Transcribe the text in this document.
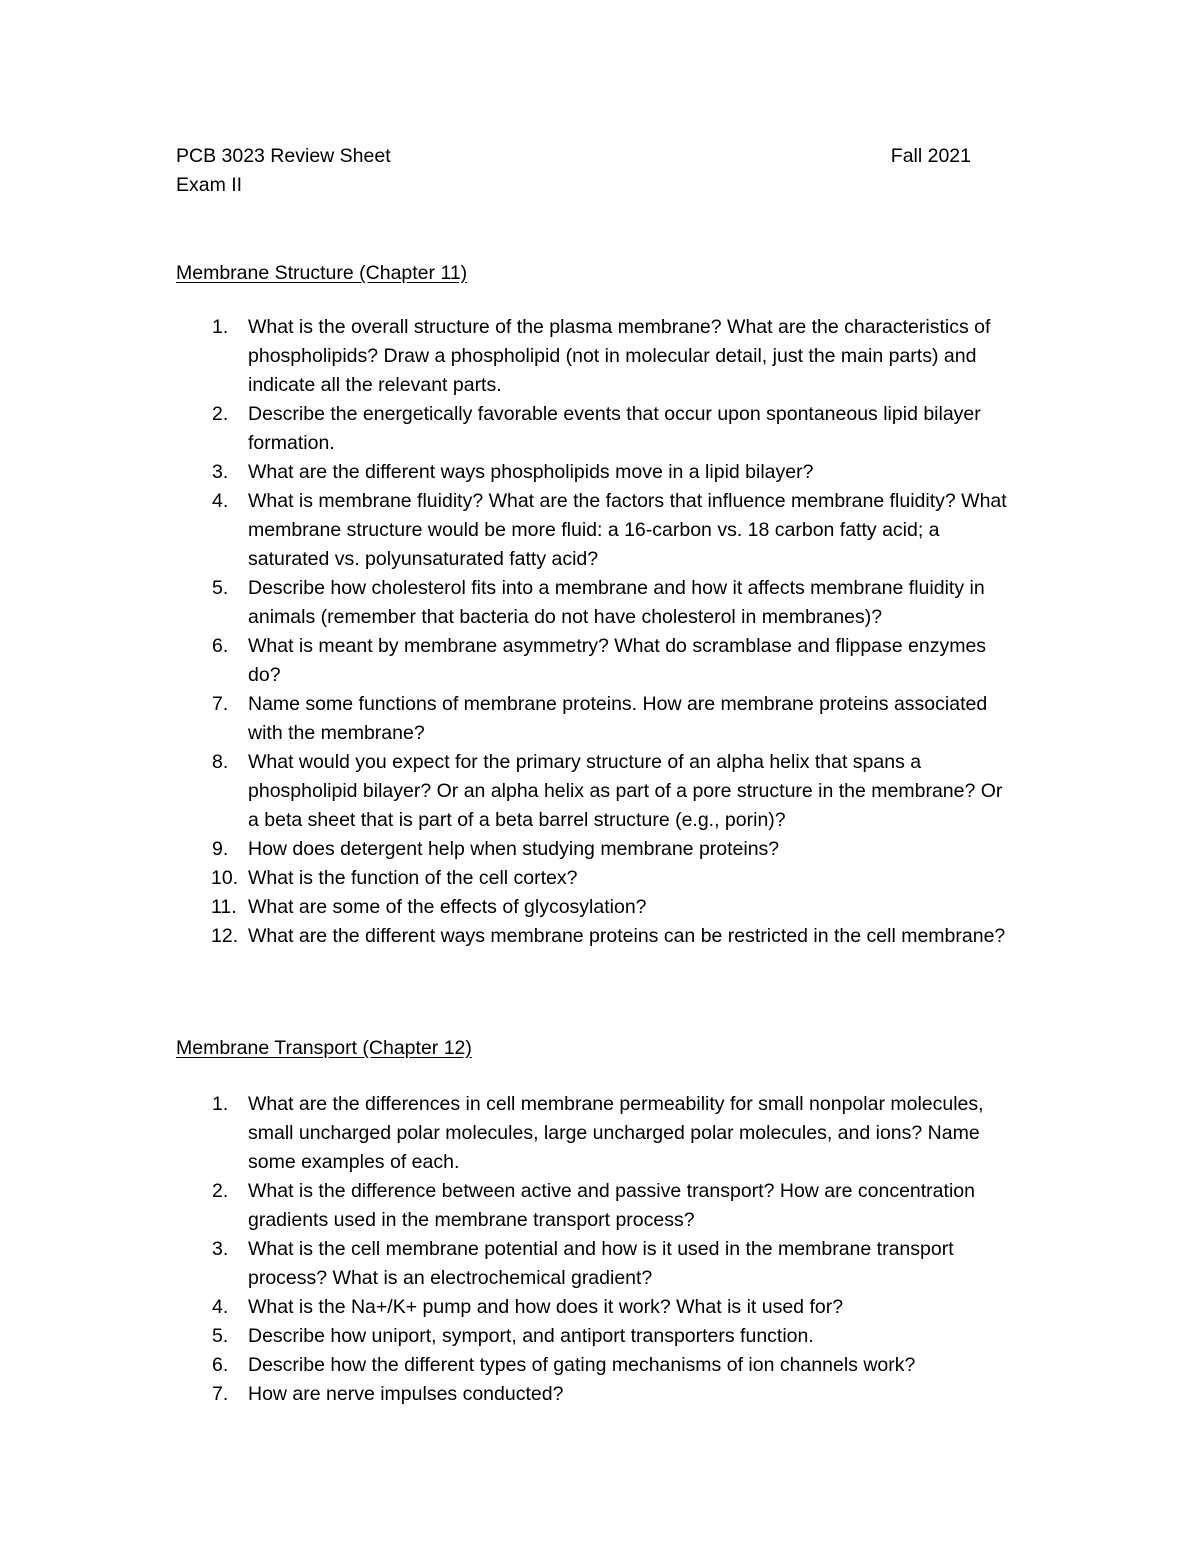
PCB 3023 Review Sheet	Fall 2021
Exam II
Membrane Structure (Chapter 11)
1.	What is the overall structure of the plasma membrane? What are the characteristics of phospholipids? Draw a phospholipid (not in molecular detail, just the main parts) and indicate all the relevant parts.
2.	Describe the energetically favorable events that occur upon spontaneous lipid bilayer formation.
3.	What are the different ways phospholipids move in a lipid bilayer?
4.	What is membrane fluidity? What are the factors that influence membrane fluidity? What membrane structure would be more fluid: a 16-carbon vs. 18 carbon fatty acid; a saturated vs. polyunsaturated fatty acid?
5.	Describe how cholesterol fits into a membrane and how it affects membrane fluidity in animals (remember that bacteria do not have cholesterol in membranes)?
6.	What is meant by membrane asymmetry? What do scramblase and flippase enzymes do?
7.	Name some functions of membrane proteins. How are membrane proteins associated with the membrane?
8.	What would you expect for the primary structure of an alpha helix that spans a phospholipid bilayer? Or an alpha helix as part of a pore structure in the membrane? Or a beta sheet that is part of a beta barrel structure (e.g., porin)?
9.	How does detergent help when studying membrane proteins?
10. What is the function of the cell cortex?
11. What are some of the effects of glycosylation?
12. What are the different ways membrane proteins can be restricted in the cell membrane?
Membrane Transport (Chapter 12)
1.	What are the differences in cell membrane permeability for small nonpolar molecules, small uncharged polar molecules, large uncharged polar molecules, and ions? Name some examples of each.
2.	What is the difference between active and passive transport? How are concentration gradients used in the membrane transport process?
3.	What is the cell membrane potential and how is it used in the membrane transport process? What is an electrochemical gradient?
4.	What is the Na+/K+ pump and how does it work? What is it used for?
5.	Describe how uniport, symport, and antiport transporters function.
6.	Describe how the different types of gating mechanisms of ion channels work?
7.	How are nerve impulses conducted?
